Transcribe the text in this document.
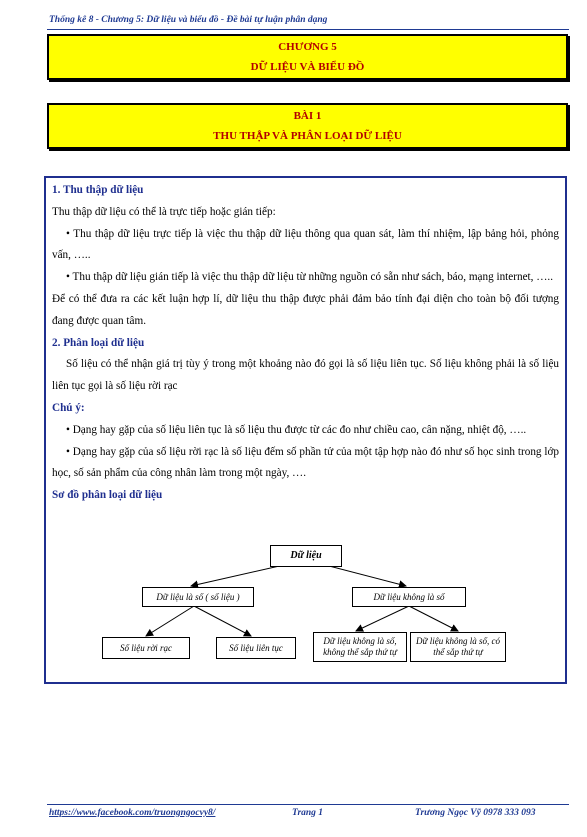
Thống kê 8 - Chương 5: Dữ liệu và biểu đồ - Đề bài tự luận phân dạng
CHƯƠNG 5
DỮ LIỆU VÀ BIỂU ĐỒ
BÀI 1
THU THẬP VÀ PHÂN LOẠI DỮ LIỆU
1. Thu thập dữ liệu
Thu thập dữ liệu có thể là trực tiếp hoặc gián tiếp:
• Thu thập dữ liệu trực tiếp là việc thu thập dữ liệu thông qua quan sát, làm thí nhiệm, lập bảng hỏi, phỏng vấn, …..
• Thu thập dữ liệu gián tiếp là việc thu thập dữ liệu từ những nguồn có sẵn như sách, báo, mạng internet, …..
Để có thể đưa ra các kết luận hợp lí, dữ liệu thu thập được phải đảm bảo tính đại diện cho toàn bộ đối tượng đang được quan tâm.
2. Phân loại dữ liệu
Số liệu có thể nhận giá trị tùy ý trong một khoảng nào đó gọi là số liệu liên tục. Số liệu không phải là số liệu liên tục gọi là số liệu rời rạc
Chú ý:
• Dạng hay gặp của số liệu liên tục là số liệu thu được từ các đo như chiều cao, cân nặng, nhiệt độ, …..
• Dạng hay gặp của số liệu rời rạc là số liệu đếm số phần tử của một tập hợp nào đó như số học sinh trong lớp học, số sản phẩm của công nhân làm trong một ngày, ….
Sơ đồ phân loại dữ liệu
Dữ liệu
Dữ liệu là số ( số liệu )	Dữ liệu không là số
Số liệu rời rạc	Số liệu liên tục
Dữ liệu không là số, không thể sắp thứ tự
Dữ liệu không là số, có thể sắp thứ tự
https://www.facebook.com/truongngocvy8/	Trang 1	Trương Ngọc Vỹ 0978 333 093
